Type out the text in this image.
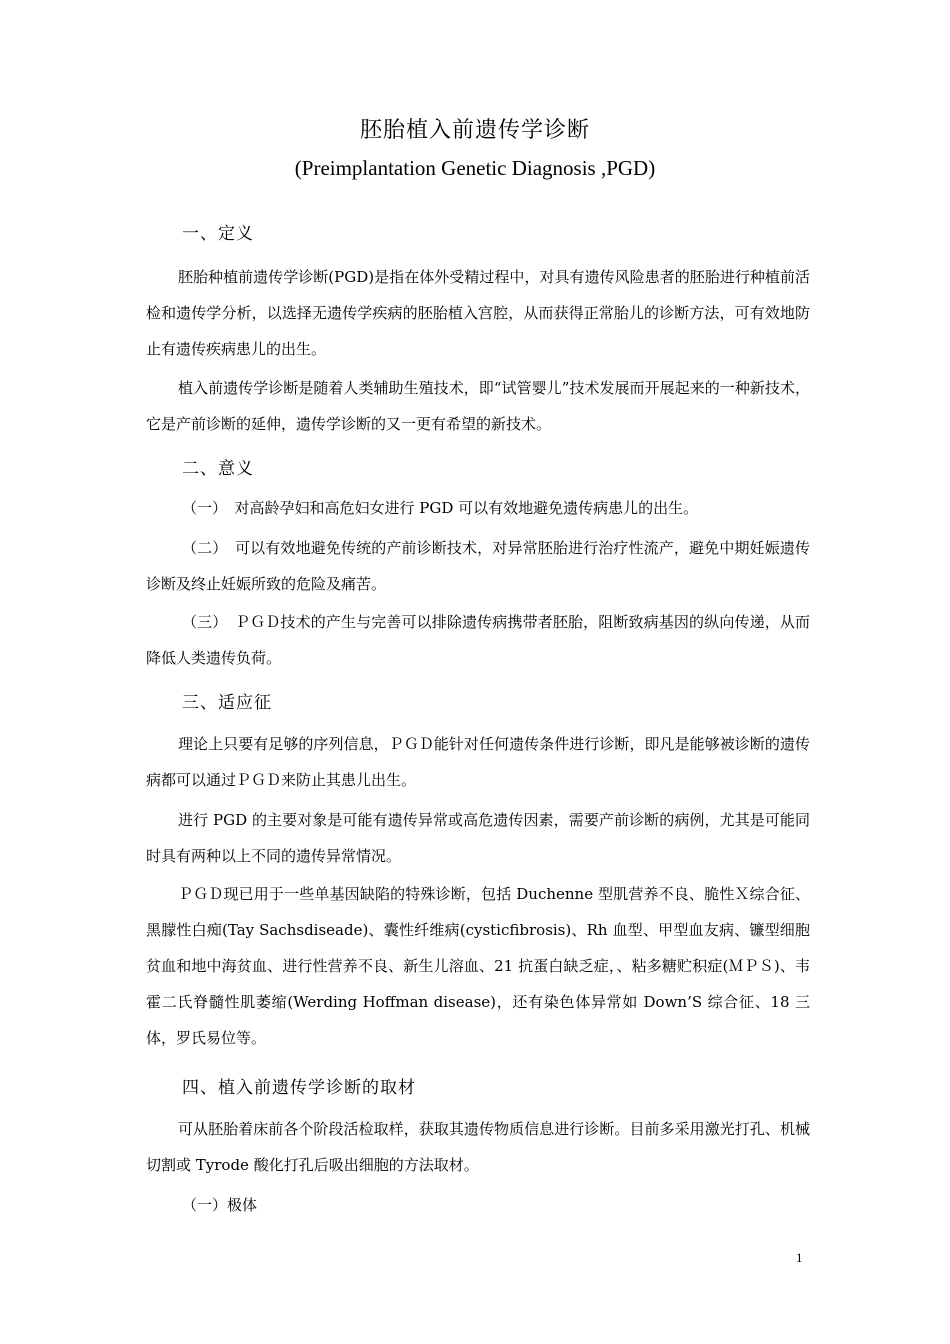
胚胎植入前遗传学诊断
(Preimplantation Genetic Diagnosis ,PGD)
一、定义
胚胎种植前遗传学诊断(PGD)是指在体外受精过程中，对具有遗传风险患者的胚胎进行种植前活检和遗传学分析，以选择无遗传学疾病的胚胎植入宫腔，从而获得正常胎儿的诊断方法，可有效地防止有遗传疾病患儿的出生。
植入前遗传学诊断是随着人类辅助生殖技术，即“试管婴儿”技术发展而开展起来的一种新技术，它是产前诊断的延伸，遗传学诊断的又一更有希望的新技术。
二、意义
（一）　对高龄孕妇和高危妇女进行 PGD 可以有效地避免遗传病患儿的出生。
（二）　可以有效地避免传统的产前诊断技术，对异常胚胎进行治疗性流产，避免中期妊娠遗传诊断及终止妊娠所致的危险及痛苦。
（三）　ＰＧＤ技术的产生与完善可以排除遗传病携带者胚胎，阻断致病基因的纵向传递，从而降低人类遗传负荷。
三、适应征
理论上只要有足够的序列信息，ＰＧＤ能针对任何遗传条件进行诊断，即凡是能够被诊断的遗传病都可以通过ＰＧＤ来防止其患儿出生。
进行 PGD 的主要对象是可能有遗传异常或高危遗传因素，需要产前诊断的病例，尤其是可能同时具有两种以上不同的遗传异常情况。
ＰＧＤ现已用于一些单基因缺陷的特殊诊断，包括 Duchenne 型肌营养不良、脆性Ｘ综合征、黑朦性白痴(Tay Sachsdiseade)、囊性纤维病(cysticfibrosis)、Rh 血型、甲型血友病、镰型细胞贫血和地中海贫血、进行性营养不良、新生儿溶血、21 抗蛋白缺乏症，、粘多糖贮积症(ＭＰＳ)、韦霍二氏脊髓性肌萎缩(Werding Hoffman disease)，还有染色体异常如 Down’S 综合征、18 三体，罗氏易位等。
四、植入前遗传学诊断的取材
可从胚胎着床前各个阶段活检取样，获取其遗传物质信息进行诊断。目前多采用激光打孔、机械切割或 Tyrode 酸化打孔后吸出细胞的方法取材。
（一）极体
1
